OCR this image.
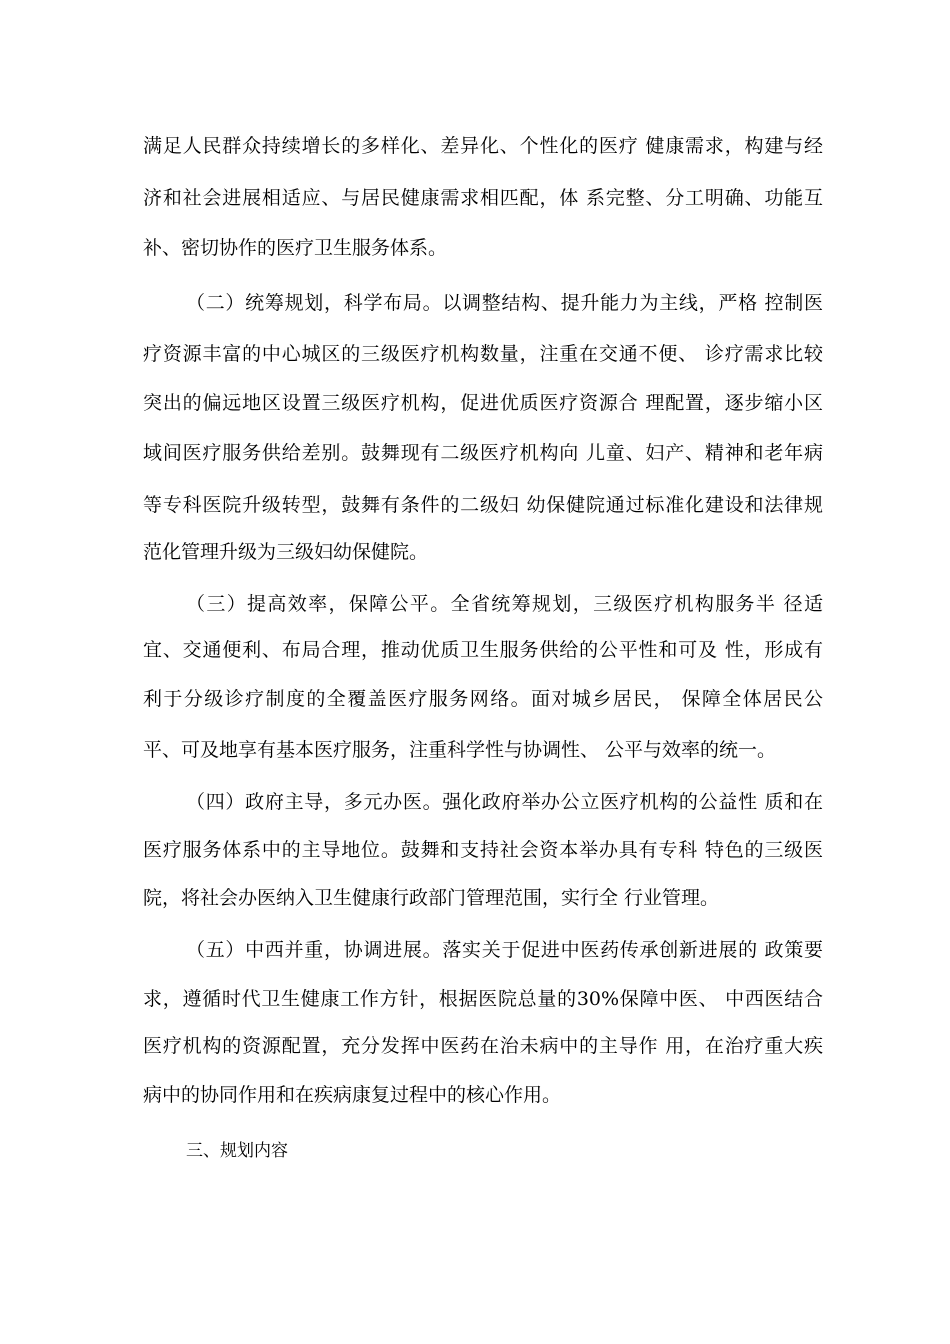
满足人民群众持续增长的多样化、差异化、个性化的医疗 健康需求，构建与经
济和社会进展相适应、与居民健康需求相匹配，体 系完整、分工明确、功能互
补、密切协作的医疗卫生服务体系。
（二）统筹规划，科学布局。以调整结构、提升能力为主线，严格 控制医
疗资源丰富的中心城区的三级医疗机构数量，注重在交通不便、 诊疗需求比较
突出的偏远地区设置三级医疗机构，促进优质医疗资源合 理配置，逐步缩小区
域间医疗服务供给差别。鼓舞现有二级医疗机构向 儿童、妇产、精神和老年病
等专科医院升级转型，鼓舞有条件的二级妇 幼保健院通过标准化建设和法律规
范化管理升级为三级妇幼保健院。
（三）提高效率，保障公平。全省统筹规划，三级医疗机构服务半 径适
宜、交通便利、布局合理，推动优质卫生服务供给的公平性和可及 性，形成有
利于分级诊疗制度的全覆盖医疗服务网络。面对城乡居民， 保障全体居民公
平、可及地享有基本医疗服务，注重科学性与协调性、 公平与效率的统一。
（四）政府主导，多元办医。强化政府举办公立医疗机构的公益性 质和在
医疗服务体系中的主导地位。鼓舞和支持社会资本举办具有专科 特色的三级医
院，将社会办医纳入卫生健康行政部门管理范围，实行全 行业管理。
（五）中西并重，协调进展。落实关于促进中医药传承创新进展的 政策要
求，遵循时代卫生健康工作方针，根据医院总量的30%保障中医、 中西医结合
医疗机构的资源配置，充分发挥中医药在治未病中的主导作 用，在治疗重大疾
病中的协同作用和在疾病康复过程中的核心作用。
三、规划内容
